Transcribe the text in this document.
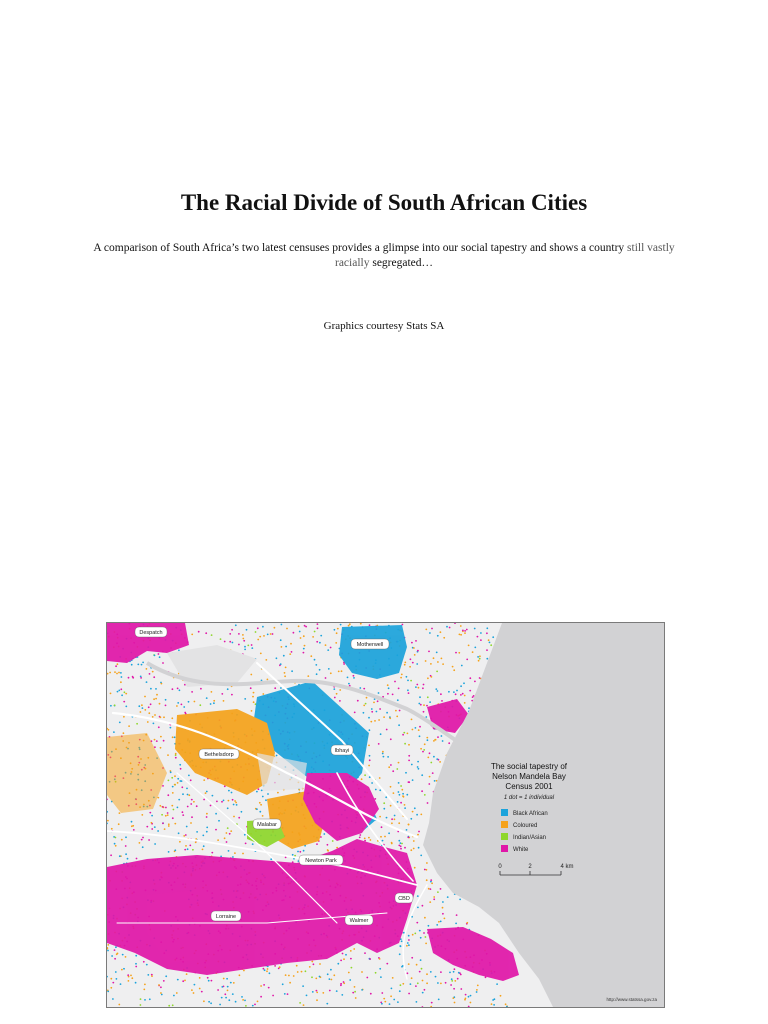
The Racial Divide of South African Cities
A comparison of South Africa’s two latest censuses provides a glimpse into our social tapestry and shows a country still vastly racially segregated…
Graphics courtesy Stats SA
Despatch
Motherwell
Bethelsdorp
Ibhayi
Malabar
Newton Park
CBD
Lorraine
Walmer
The social tapestry of
Nelson Mandela Bay
Census 2001
1 dot = 1 individual
Black African
Coloured
Indian/Asian
White
0	2	4 km
http://www.statssa.gov.za
